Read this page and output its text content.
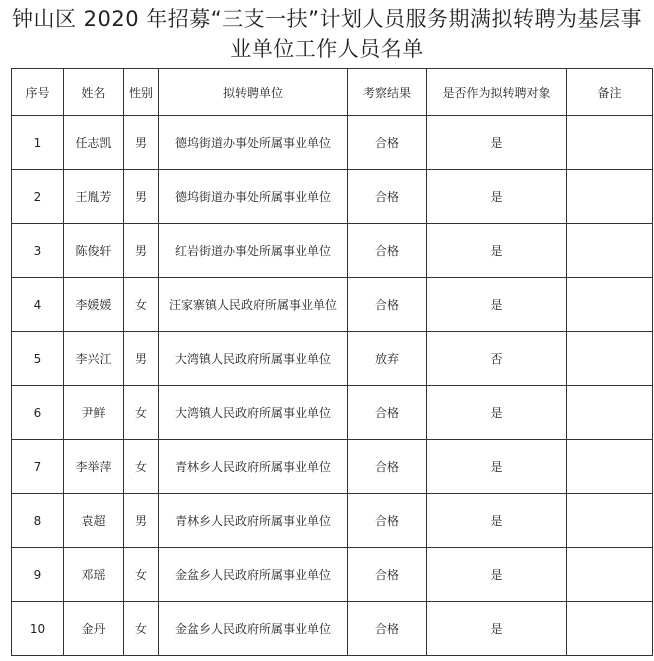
钟山区 2020 年招募“三支一扶”计划人员服务期满拟转聘为基层事
业单位工作人员名单
序号	姓名	性别	拟转聘单位	考察结果	是否作为拟转聘对象	备注
1	任志凯	男	德坞街道办事处所属事业单位	合格	是	
2	王胤芳	男	德坞街道办事处所属事业单位	合格	是	
3	陈俊轩	男	红岩街道办事处所属事业单位	合格	是	
4	李媛媛	女	汪家寨镇人民政府所属事业单位	合格	是	
5	李兴江	男	大湾镇人民政府所属事业单位	放弃	否	
6	尹鲜	女	大湾镇人民政府所属事业单位	合格	是	
7	李举萍	女	青林乡人民政府所属事业单位	合格	是	
8	袁超	男	青林乡人民政府所属事业单位	合格	是	
9	邓瑶	女	金盆乡人民政府所属事业单位	合格	是	
10	金丹	女	金盆乡人民政府所属事业单位	合格	是	
